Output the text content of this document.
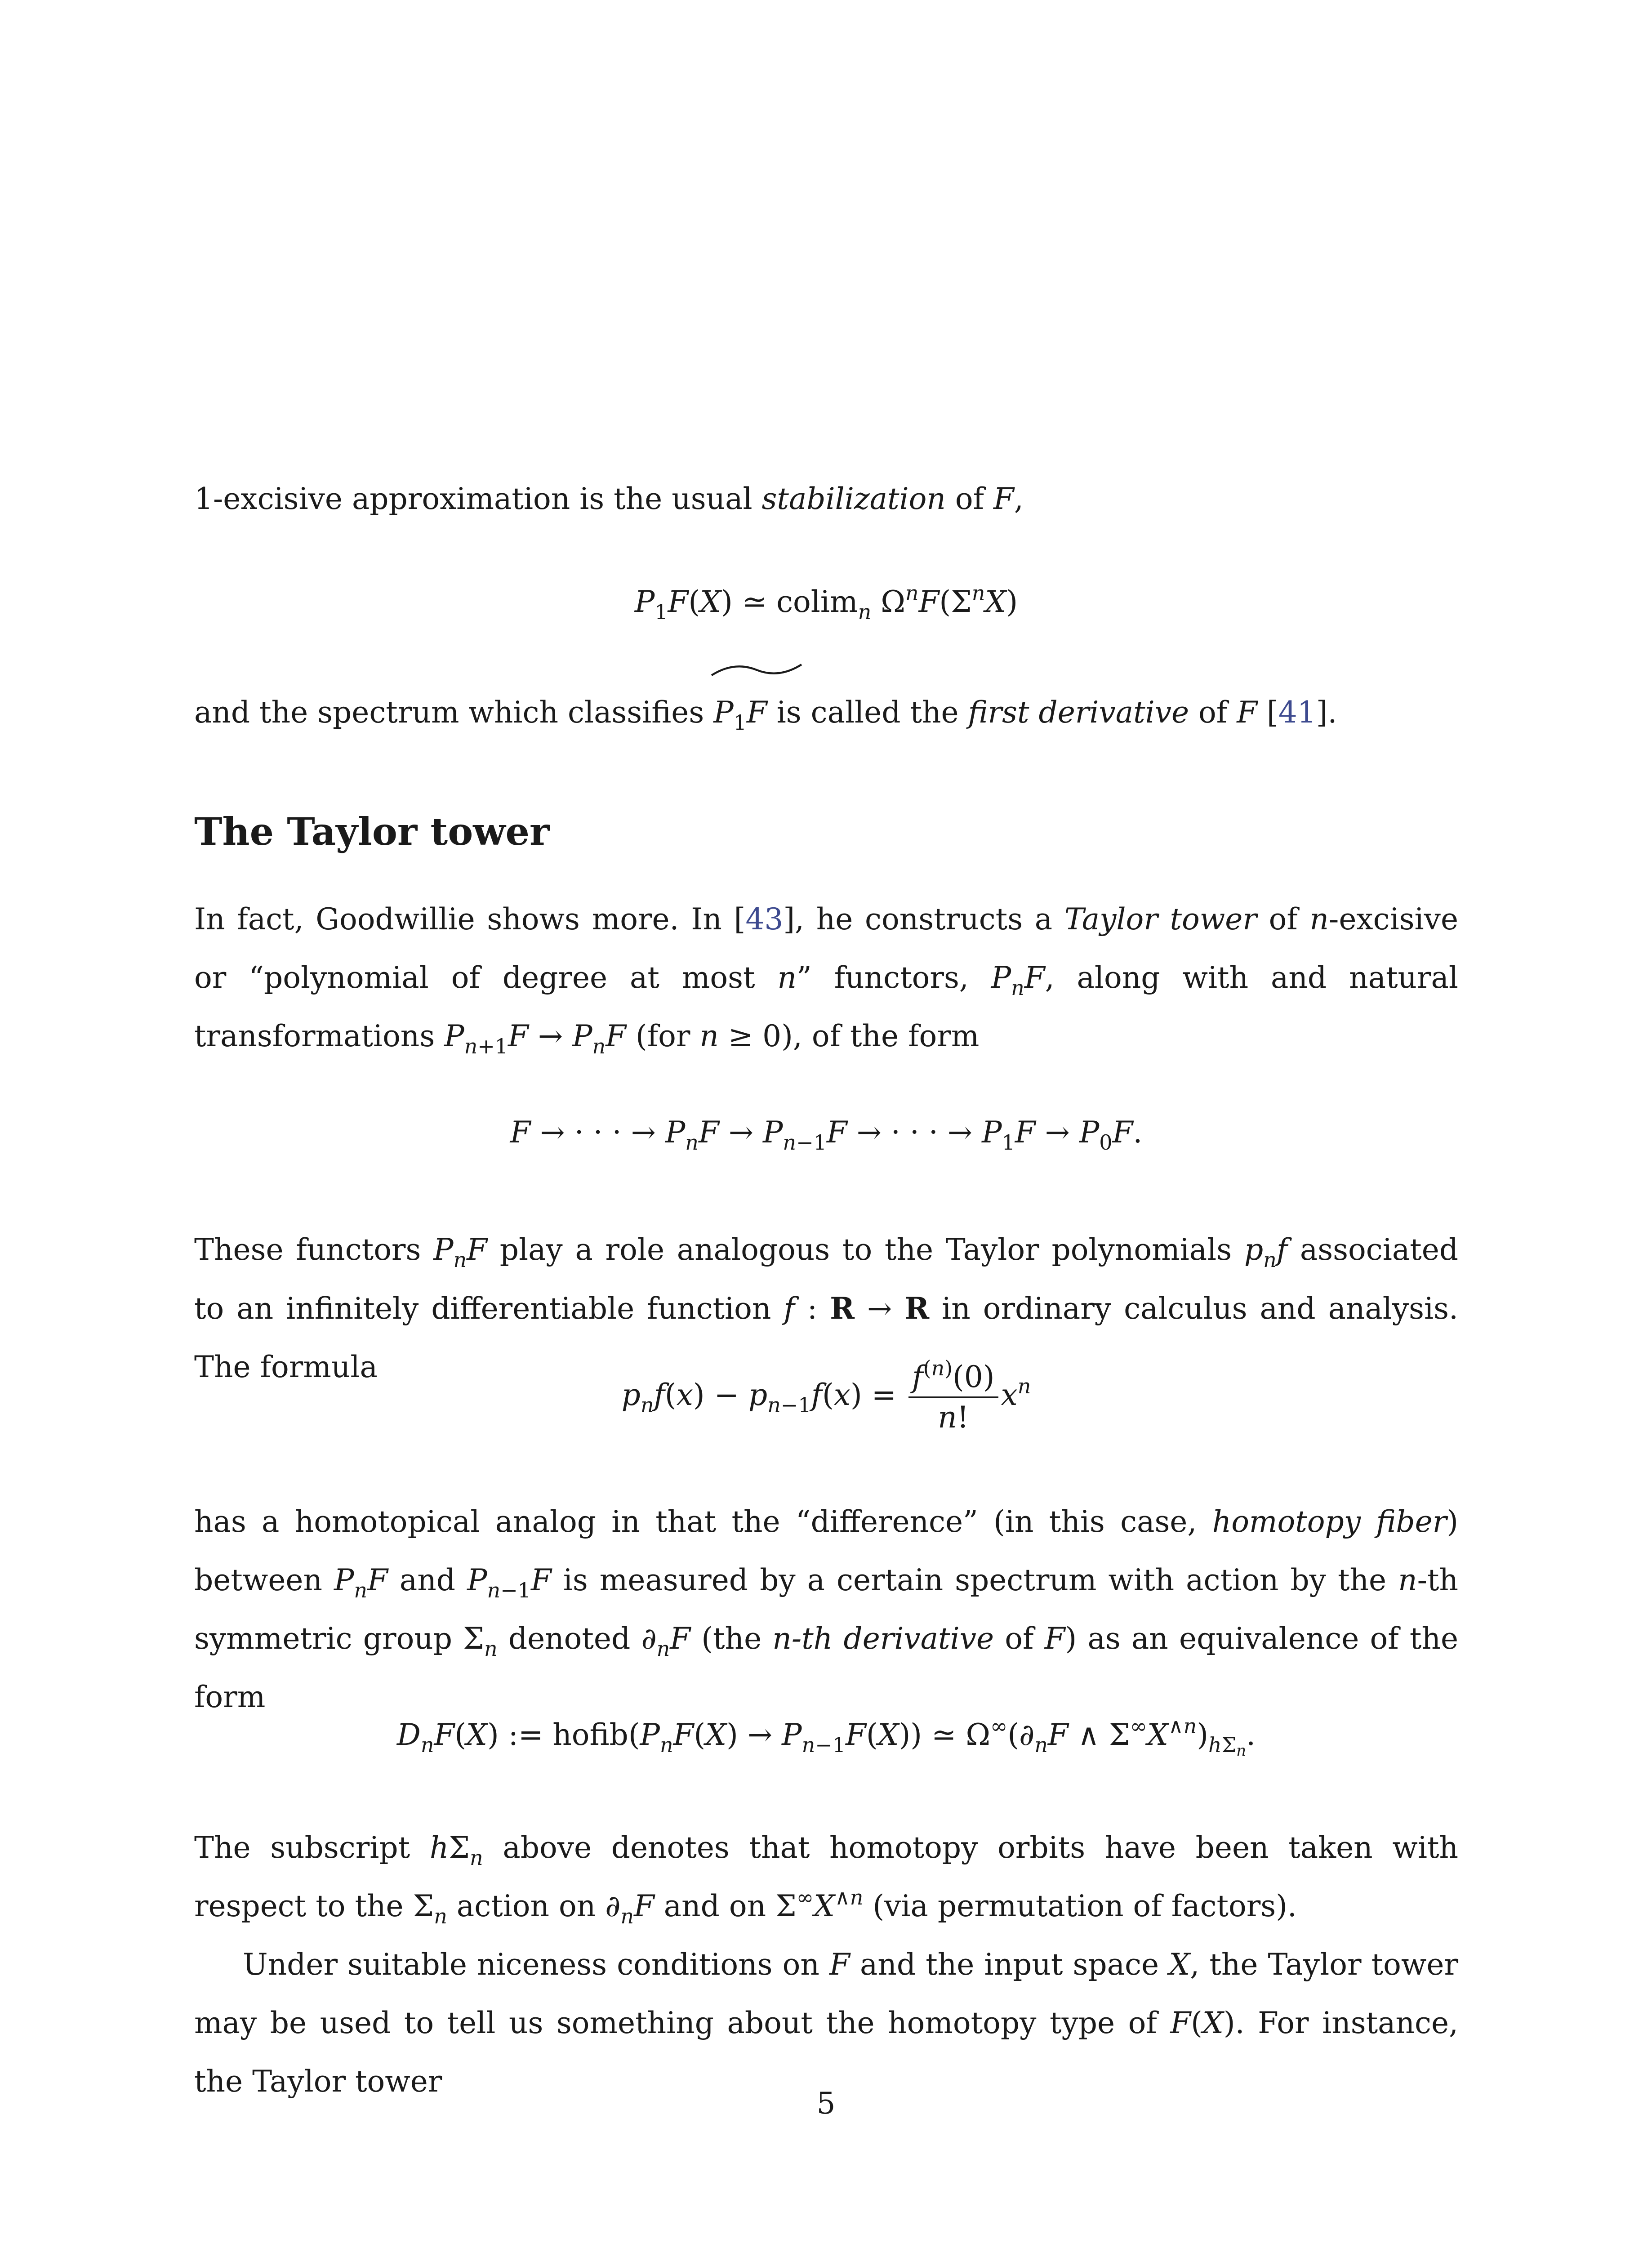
1-excisive approximation is the usual stabilization of F,
$P_1F(X)$ ≃ colim$_n$ $\Omega^nF(\Sigma^nX)$
and the spectrum which classifies
$P_1F$ is called the first derivative of F [41].
The Taylor tower
In fact, Goodwillie shows more. In [43], he constructs a Taylor tower of n-excisive or “polynomial of degree at most n” functors, $P_nF$, along with and natural transformations $P_{n+1}F \to P_nF$ (for n ≥ 0), of the form
F → · · · → $P_nF \to P_{n-1}F$ → · · · → $P_1F \to P_0F$.
These functors $P_nF$ play a role analogous to the Taylor polynomials $p_nf$ associated to an infinitely differentiable function f : R → R in ordinary calculus and analysis. The formula
$p_nf(x) - p_{n-1}f(x) = \frac{f^{(n)}(0)}{n!} x^n$
has a homotopical analog in that the “difference” (in this case, homotopy fiber) between $P_nF$ and $P_{n-1}F$ is measured by a certain spectrum with action by the n-th symmetric group $\Sigma_n$ denoted $\partial_nF$ (the n-th derivative of F) as an equivalence of the form
$D_nF(X)$ := $hofib(P_nF(X) \to P_{n-1}F(X))$ ≃ $\Omega^\infty(\partial_nF$ ∧ $\Sigma^\infty X^{\wedge n})_{h\Sigma_n}$.
The subscript $h\Sigma_n$ above denotes that homotopy orbits have been taken with respect to the $\Sigma_n$ action on $\partial_nF$ and on $\Sigma^\infty X^{\wedge n}$ (via permutation of factors).
Under suitable niceness conditions on F and the input space X, the Taylor tower may be used to tell us something about the homotopy type of F(X). For instance, the Taylor tower
5
